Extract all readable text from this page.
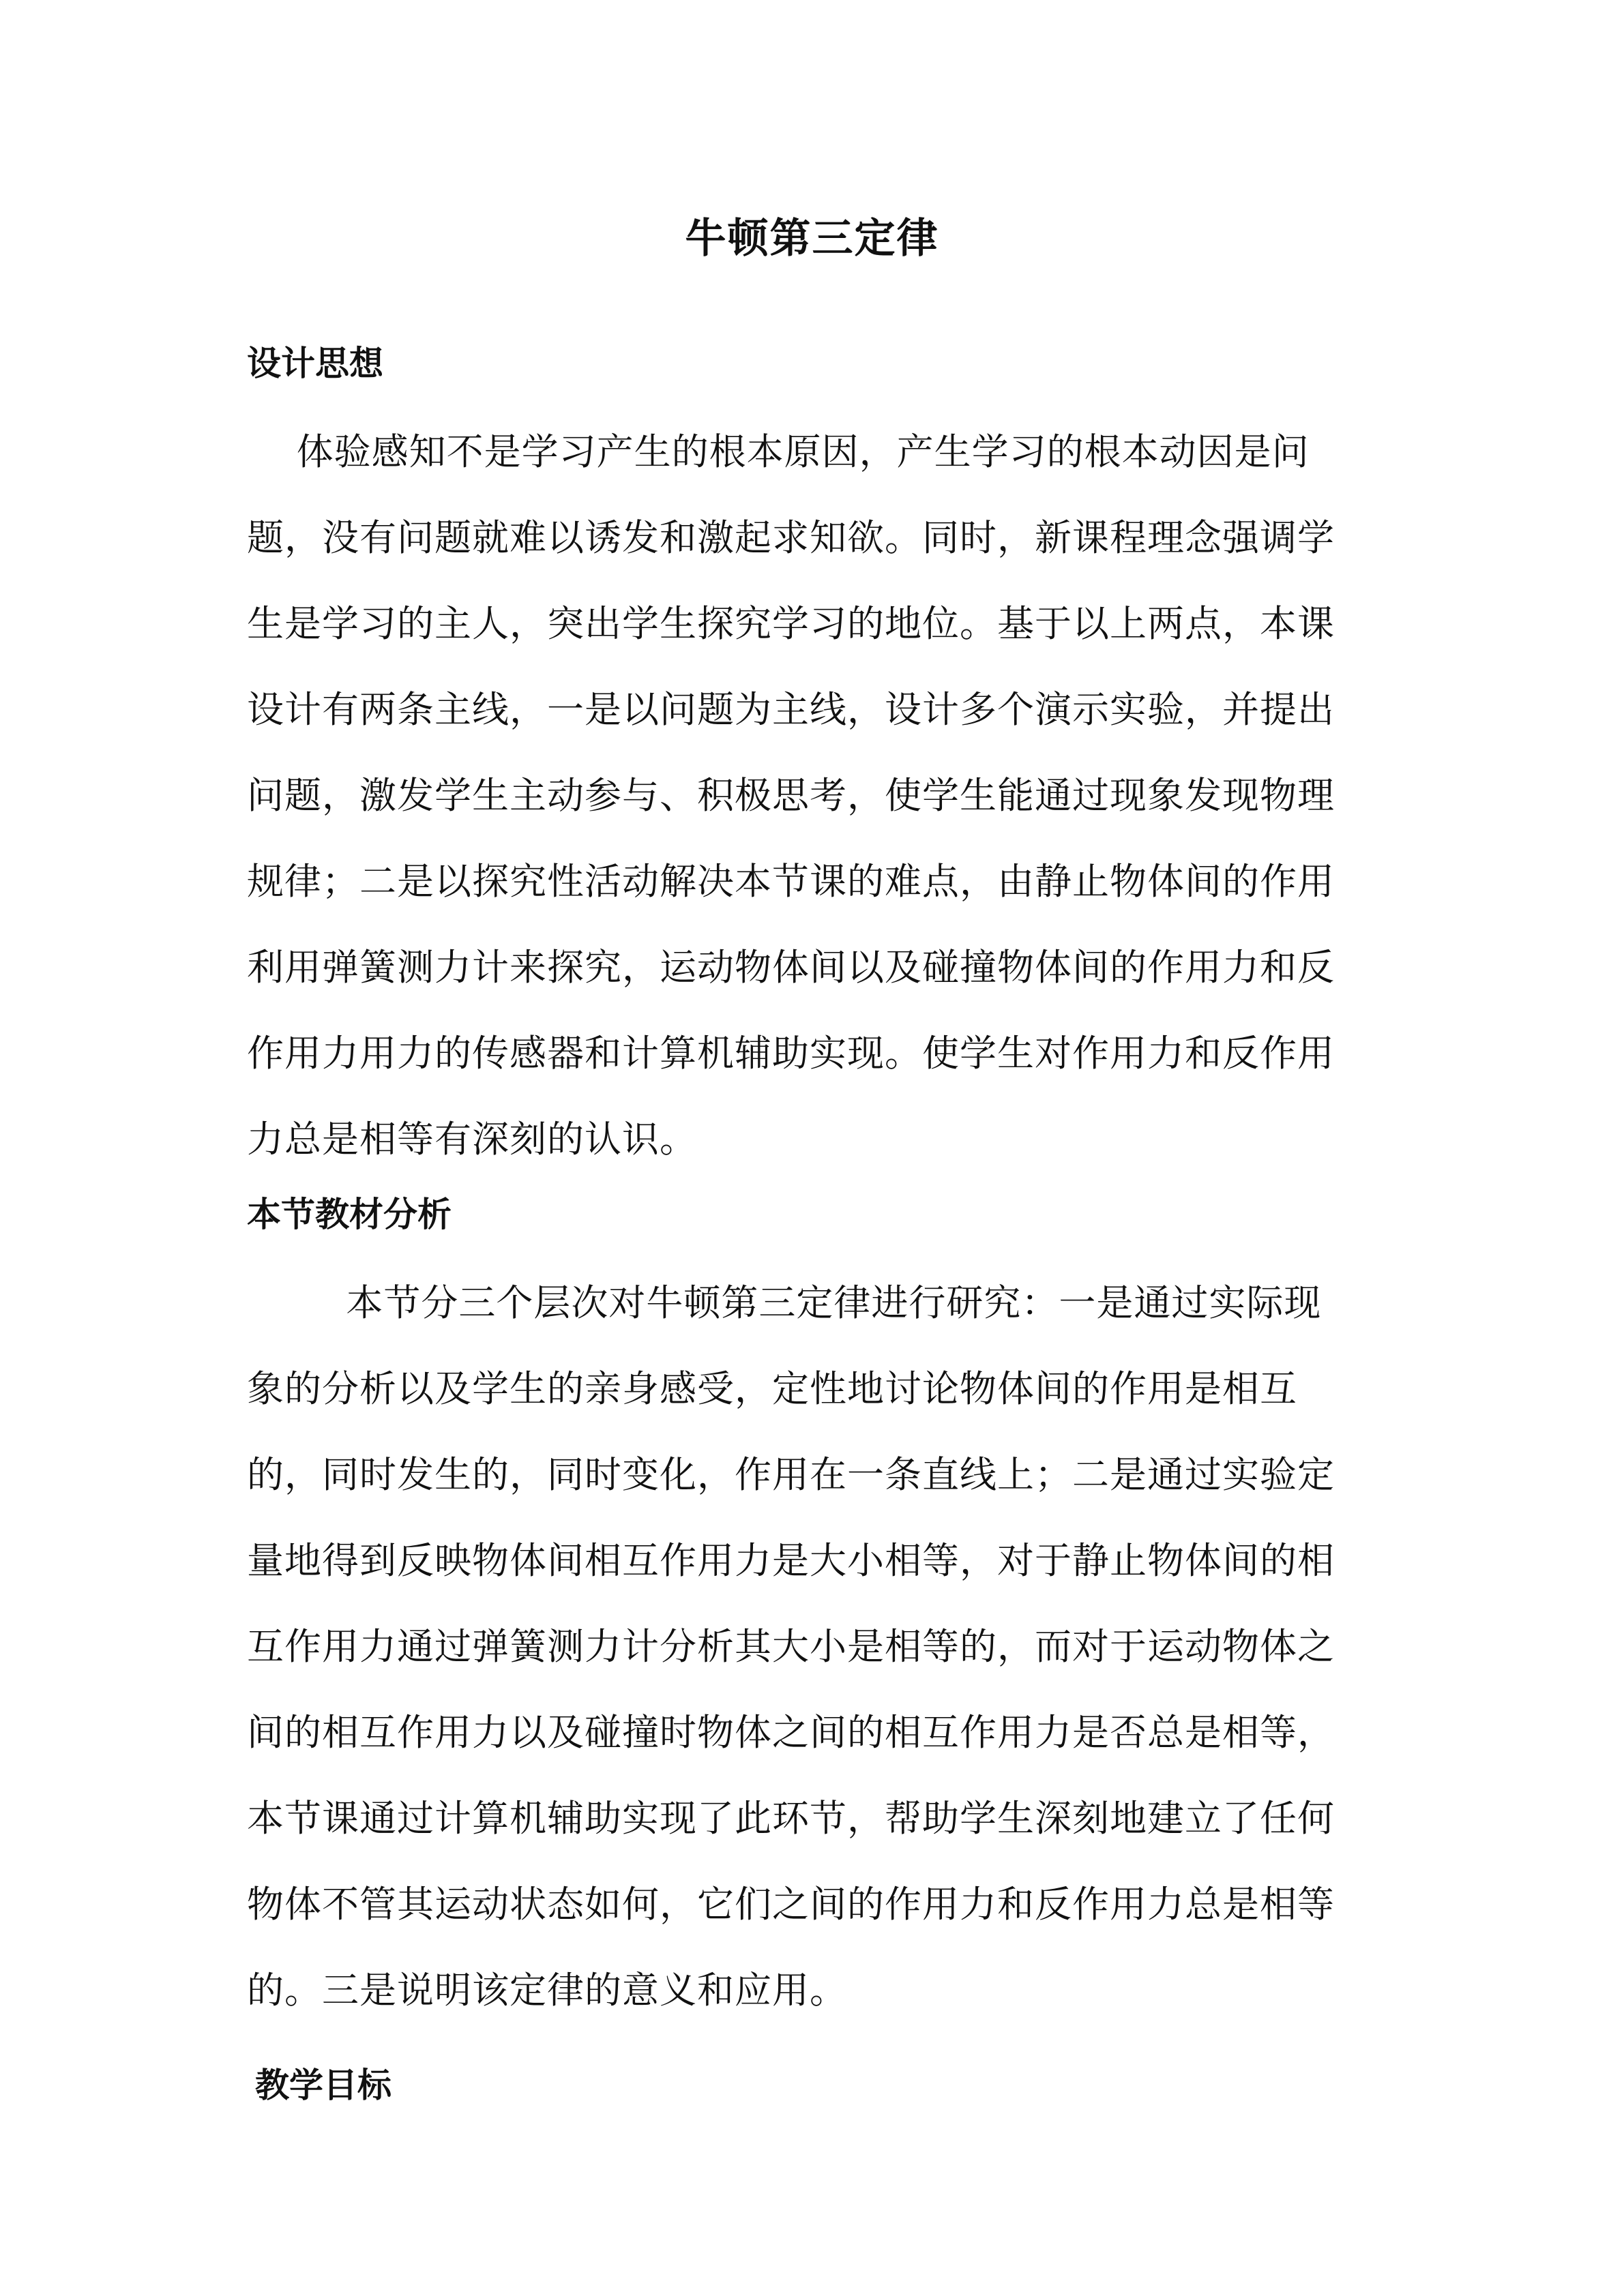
牛顿第三定律
设计思想
体验感知不是学习产生的根本原因，产生学习的根本动因是问
题，没有问题就难以诱发和激起求知欲。同时，新课程理念强调学
生是学习的主人，突出学生探究学习的地位。基于以上两点，本课
设计有两条主线，一是以问题为主线，设计多个演示实验，并提出
问题，激发学生主动参与、积极思考，使学生能通过现象发现物理
规律；二是以探究性活动解决本节课的难点，由静止物体间的作用
利用弹簧测力计来探究，运动物体间以及碰撞物体间的作用力和反
作用力用力的传感器和计算机辅助实现。使学生对作用力和反作用
力总是相等有深刻的认识。
本节教材分析
本节分三个层次对牛顿第三定律进行研究：一是通过实际现
象的分析以及学生的亲身感受，定性地讨论物体间的作用是相互
的，同时发生的，同时变化，作用在一条直线上；二是通过实验定
量地得到反映物体间相互作用力是大小相等，对于静止物体间的相
互作用力通过弹簧测力计分析其大小是相等的，而对于运动物体之
间的相互作用力以及碰撞时物体之间的相互作用力是否总是相等，
本节课通过计算机辅助实现了此环节，帮助学生深刻地建立了任何
物体不管其运动状态如何，它们之间的作用力和反作用力总是相等
的。三是说明该定律的意义和应用。
教学目标
